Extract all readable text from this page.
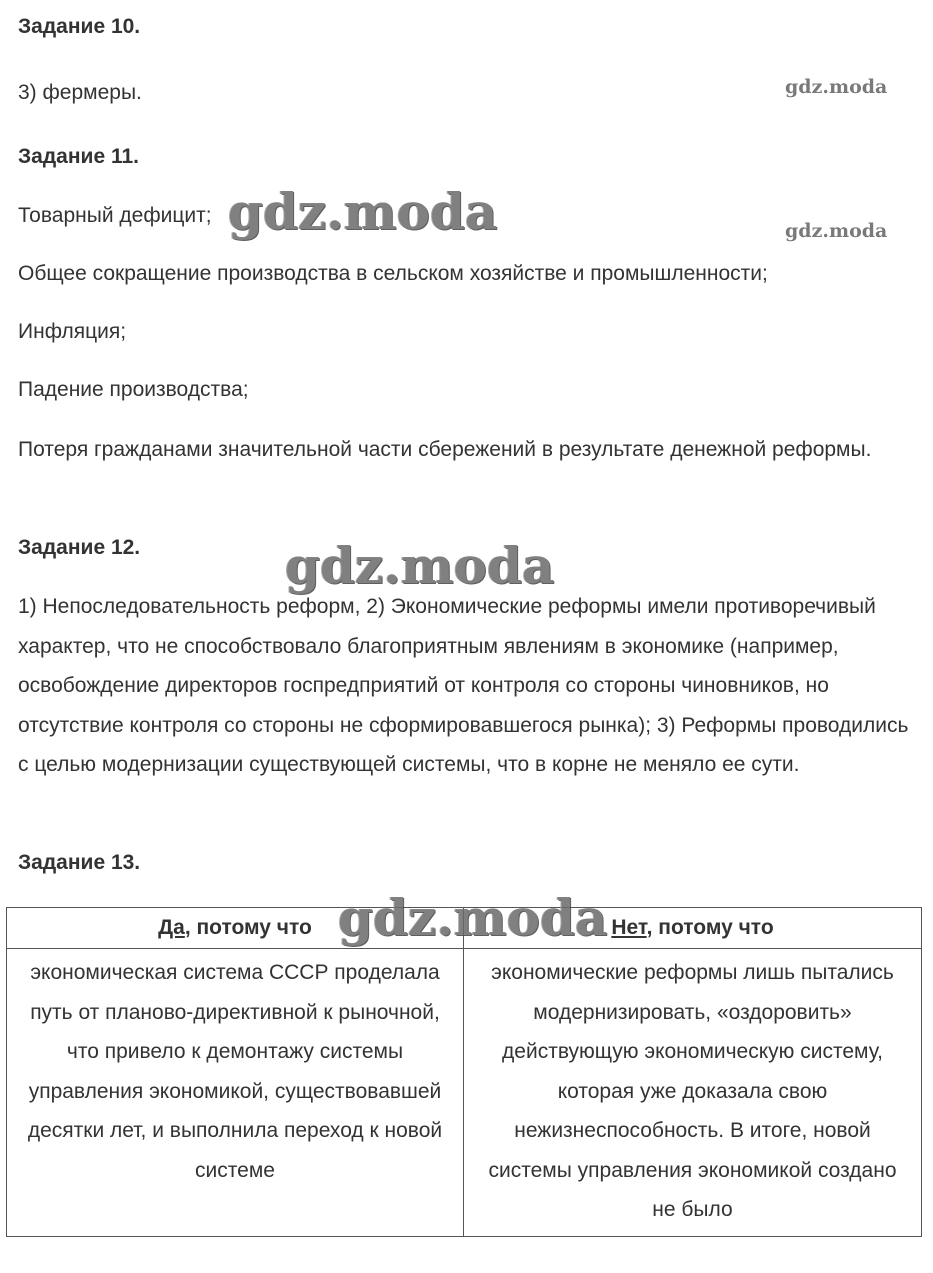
Задание 10.

3) фермеры.

Задание 11.

Товарный дефицит;

Общее сокращение производства в сельском хозяйстве и промышленности;

Инфляция;

Падение производства;

Потеря гражданами значительной части сбережений в результате денежной реформы.

Задание 12.

1) Непоследовательность реформ, 2) Экономические реформы имели противоречивый характер, что не способствовало благоприятным явлениям в экономике (например, освобождение директоров госпредприятий от контроля со стороны чиновников, но отсутствие контроля со стороны не сформировавшегося рынка); 3) Реформы проводились с целью модернизации существующей системы, что в корне не меняло ее сути.

Задание 13.
Да, потому что	Нет, потому что
экономическая система СССР проделала путь от планово-директивной к рыночной, что привело к демонтажу системы управления экономикой, существовавшей десятки лет, и выполнила переход к новой системе	экономические реформы лишь пытались модернизировать, «оздоровить» действующую экономическую систему, которая уже доказала свою нежизнеспособность. В итоге, новой системы управления экономикой создано не было
gdz.moda
gdz.moda
gdz.moda
gdz.moda
gdz.moda
